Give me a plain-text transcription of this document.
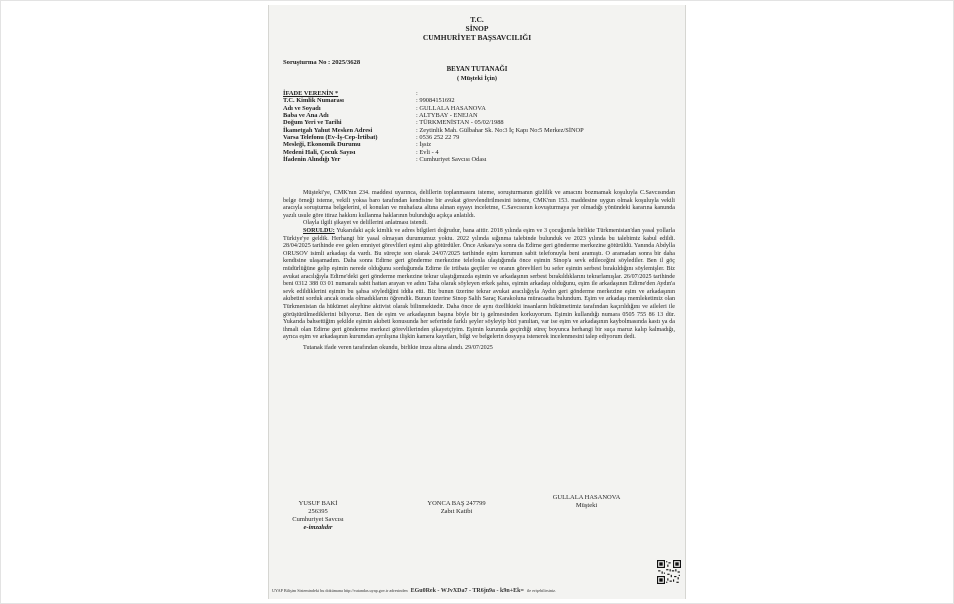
T.C.
SİNOP
CUMHURİYET BAŞSAVCILIĞI
Soruşturma No : 2025/3628
BEYAN TUTANAĞI
( Müşteki İçin)
İFADE VERENİN *	:
T.C. Kimlik Numarası	: 99084151692
Adı ve Soyadı	: GULLALA HASANOVA
Baba ve Ana Adı	: ALTYBAY - ENEJAN
Doğum Yeri ve Tarihi	: TÜRKMENİSTAN - 05/02/1988
İkametgah Yahut Mesken Adresi	: Zeytinlik Mah. Gülbahar Sk. No:3 İç Kapı No:5 Merkez/SİNOP
Varsa Telefonu (Ev-İş-Cep-İrtibat)	: 0536 252 22 79
Mesleği, Ekonomik Durumu	: İşsiz
Medeni Hali, Çocuk Sayısı	: Evli - 4
İfadenin Alındığı Yer	: Cumhuriyet Savcısı Odası

Müşteki'ye, CMK'nın 234. maddesi uyarınca, delillerin toplanmasını isteme, soruşturmanın gizlilik ve amacını bozmamak koşuluyla C.Savcısından belge örneği isteme, vekili yoksa baro tarafından kendisine bir avukat görevlendirilmesini isteme, CMK'nın 153. maddesine uygun olmak koşuluyla vekili aracıyla soruşturma belgelerini, el konulan ve muhafaza altına alınan eşyayı inceletme, C.Savcısının kovuşturmaya yer olmadığı yönündeki kararına kanunda yazılı usule göre itiraz hakkını kullanma haklarının bulunduğu açıkça anlatıldı.

Olayla ilgili şikayet ve delillerini anlatması istendi.

SORULDU: Yukarıdaki açık kimlik ve adres bilgileri doğrudur, bana aittir. 2018 yılında eşim ve 3 çocuğumla birlikte Türkmenistan'dan yasal yollarla Türkiye'ye geldik. Herhangi bir yasal olmayan durumumuz yoktu. 2022 yılında sığınma talebinde bulunduk ve 2023 yılında bu talebimiz kabul edildi. 28/04/2025 tarihinde eve gelen emniyet görevlileri eşimi alıp götürdüler. Önce Ankara'ya sonra da Edirne geri gönderme merkezine götürüldü. Yanında Abdylla ORUSOV isimli arkadaşı da vardı. Bu süreçte son olarak 24/07/2025 tarihinde eşim kurumun sabit telefonuyla beni aramıştı. O aramadan sonra bir daha kendisine ulaşamadım. Daha sonra Edirne geri gönderme merkezine telefonla ulaştığımda önce eşimin Sinop'a sevk edileceğini söylediler. Ben il göç müdürlüğüne gelip eşimin nerede olduğunu sorduğumda Edirne ile irtibata geçtiler ve oranın görevlileri bu sefer eşimin serbest bırakıldığını söylemişler. Biz avukat aracılığıyla Edirne'deki geri gönderme merkezine tekrar ulaştığımızda eşimin ve arkadaşının serbest bırakıldıklarını tekrarlamışlar. 26/07/2025 tarihinde beni 0312 388 03 01 numaralı sabit hattan arayan ve adını Taha olarak söyleyen erkek şahıs, eşimin arkadaşı olduğunu, eşim ile arkadaşının Edirne'den Aydın'a sevk edildiklerini eşimin bu şahsa söylediğini iddia etti. Biz bunun üzerine tekrar avukat aracılığıyla Aydın geri gönderme merkezine eşim ve arkadaşının akıbetini sorduk ancak orada olmadıklarını öğrendik. Bunun üzerine Sinop Salih Saraç Karakoluna müracaatta bulundum. Eşim ve arkadaşı memleketimiz olan Türkmenistan da hükümet aleyhine aktivist olarak bilinmektedir. Daha önce de aynı özellikteki insanların hükümetimiz tarafından kaçırıldığını ve aileleri ile görüştürülmediklerini biliyoruz. Ben de eşim ve arkadaşının başına böyle bir iş gelmesinden korkuyorum. Eşimin kullandığı numara 0505 755 86 13 dür. Yukarıda bahsettiğim şekilde eşimin akıbeti konusunda her seferinde farklı şeyler söyleyip bizi yanıltan, var ise eşim ve arkadaşının kaybolmasında kastı ya da ihmali olan Edirne geri gönderme merkezi görevlilerinden şikayetçiyim. Eşimin kurumda geçirdiği süreç boyunca herhangi bir suça maruz kalıp kalmadığı, ayrıca eşim ve arkadaşının kurumdan ayrılışına ilişkin kamera kayıtları, bilgi ve belgelerin dosyaya istenerek incelenmesini talep ediyorum dedi.

Tutanak ifade veren tarafından okundu, birlikte imza altına alındı. 29/07/2025

YUSUF BAKİ
256395
Cumhuriyet Savcısı
e-imzalıdır
YONCA BAŞ 247799
Zabıt Katibi
GULLALA HASANOVA
Müşteki
UYAP Bilişim Sistemindeki bu dokümana http://vatandas.uyap.gov.tr adresinden EGu0Rek - WJvXDa7 - TR6jn9a - k9n+Ek= ile erişebilirsiniz.
